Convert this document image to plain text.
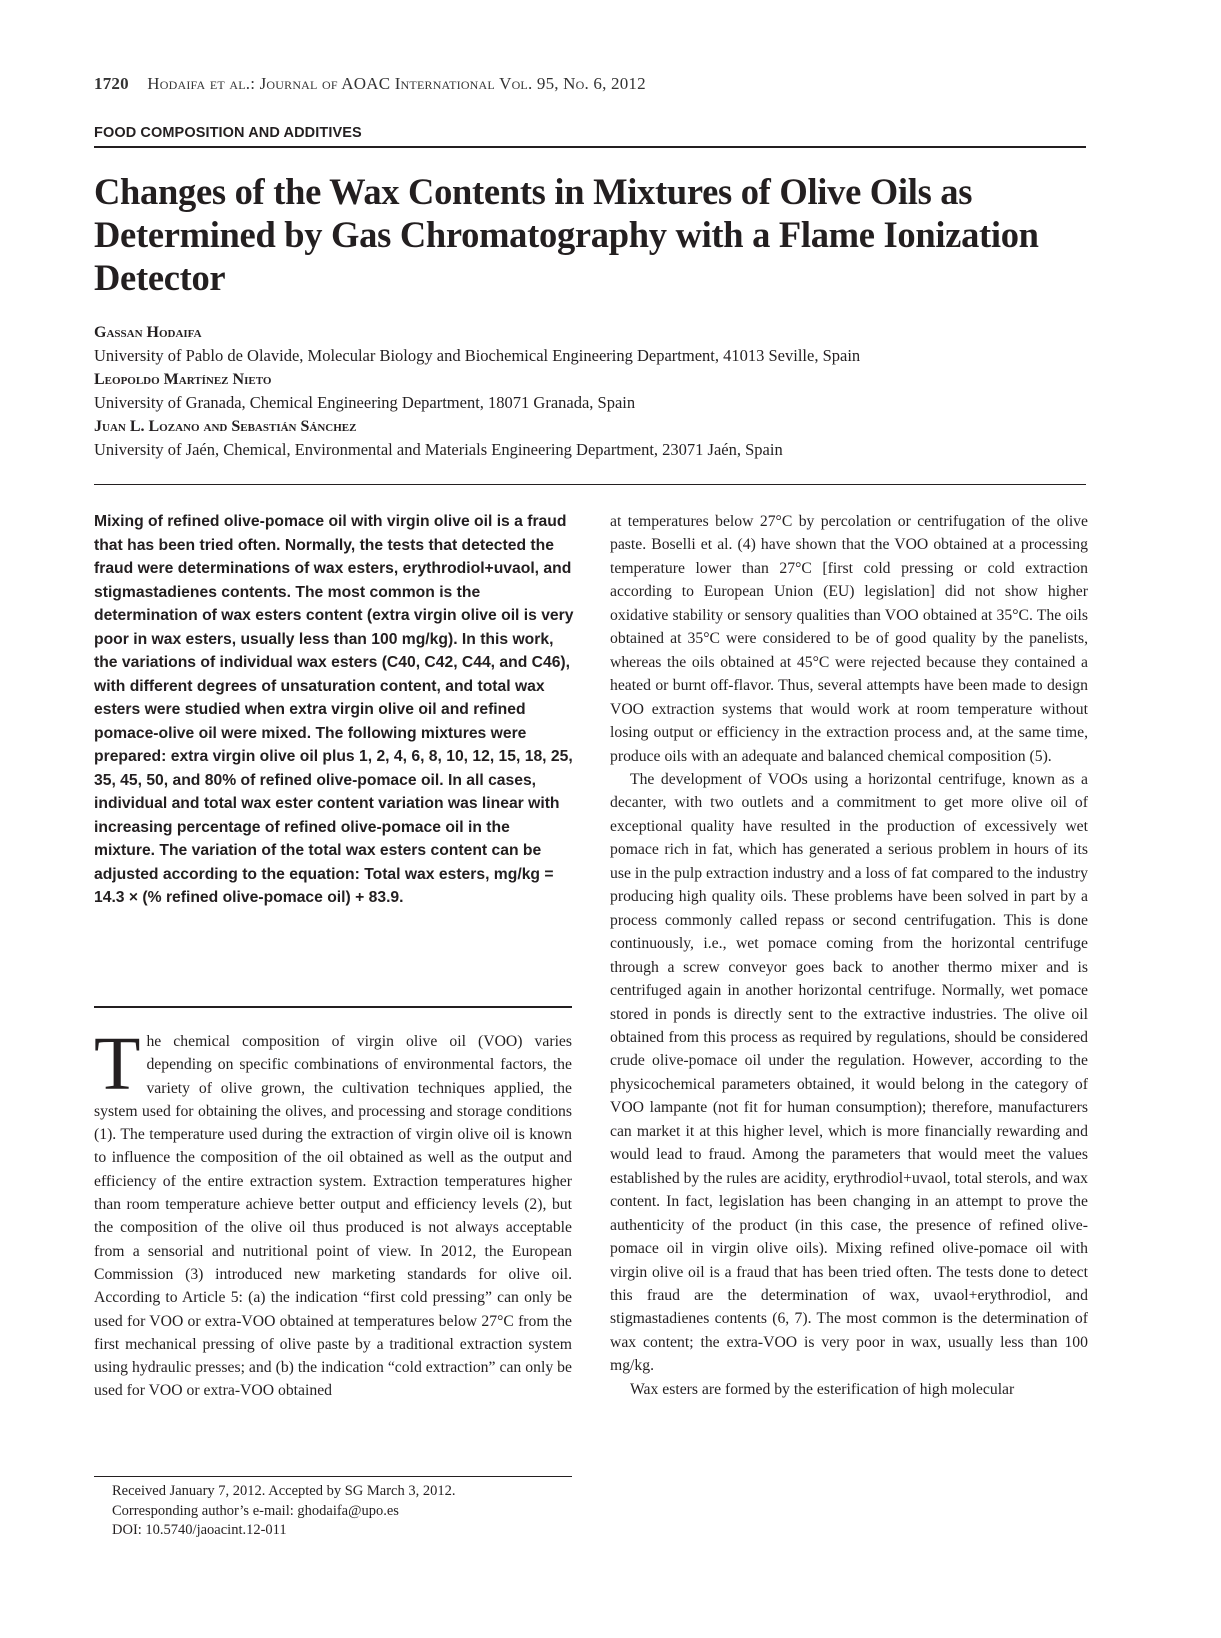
1720 Hodaifa et al.: Journal of AOAC International Vol. 95, No. 6, 2012
FOOD COMPOSITION AND ADDITIVES
Changes of the Wax Contents in Mixtures of Olive Oils as Determined by Gas Chromatography with a Flame Ionization Detector
Gassan Hodaifa
University of Pablo de Olavide, Molecular Biology and Biochemical Engineering Department, 41013 Seville, Spain
Leopoldo Martínez Nieto
University of Granada, Chemical Engineering Department, 18071 Granada, Spain
Juan L. Lozano and Sebastián Sánchez
University of Jaén, Chemical, Environmental and Materials Engineering Department, 23071 Jaén, Spain

Mixing of refined olive-pomace oil with virgin olive oil is a fraud that has been tried often. Normally, the tests that detected the fraud were determinations of wax esters, erythrodiol+uvaol, and stigmastadienes contents. The most common is the determination of wax esters content (extra virgin olive oil is very poor in wax esters, usually less than 100 mg/kg). In this work, the variations of individual wax esters (C40, C42, C44, and C46), with different degrees of unsaturation content, and total wax esters were studied when extra virgin olive oil and refined pomace-olive oil were mixed. The following mixtures were prepared: extra virgin olive oil plus 1, 2, 4, 6, 8, 10, 12, 15, 18, 25, 35, 45, 50, and 80% of refined olive-pomace oil. In all cases, individual and total wax ester content variation was linear with increasing percentage of refined olive-pomace oil in the mixture. The variation of the total wax esters content can be adjusted according to the equation: Total wax esters, mg/kg = 14.3 × (% refined olive-pomace oil) + 83.9.

The chemical composition of virgin olive oil (VOO) varies depending on specific combinations of environmental factors, the variety of olive grown, the cultivation techniques applied, the system used for obtaining the olives, and processing and storage conditions (1). The temperature used during the extraction of virgin olive oil is known to influence the composition of the oil obtained as well as the output and efficiency of the entire extraction system. Extraction temperatures higher than room temperature achieve better output and efficiency levels (2), but the composition of the olive oil thus produced is not always acceptable from a sensorial and nutritional point of view. In 2012, the European Commission (3) introduced new marketing standards for olive oil. According to Article 5: (a) the indication “first cold pressing” can only be used for VOO or extra-VOO obtained at temperatures below 27°C from the first mechanical pressing of olive paste by a traditional extraction system using hydraulic presses; and (b) the indication “cold extraction” can only be used for VOO or extra-VOO obtained

Received January 7, 2012. Accepted by SG March 3, 2012.
Corresponding author’s e-mail: ghodaifa@upo.es
DOI: 10.5740/jaoacint.12-011

at temperatures below 27°C by percolation or centrifugation of the olive paste. Boselli et al. (4) have shown that the VOO obtained at a processing temperature lower than 27°C [first cold pressing or cold extraction according to European Union (EU) legislation] did not show higher oxidative stability or sensory qualities than VOO obtained at 35°C. The oils obtained at 35°C were considered to be of good quality by the panelists, whereas the oils obtained at 45°C were rejected because they contained a heated or burnt off-flavor. Thus, several attempts have been made to design VOO extraction systems that would work at room temperature without losing output or efficiency in the extraction process and, at the same time, produce oils with an adequate and balanced chemical composition (5).

The development of VOOs using a horizontal centrifuge, known as a decanter, with two outlets and a commitment to get more olive oil of exceptional quality have resulted in the production of excessively wet pomace rich in fat, which has generated a serious problem in hours of its use in the pulp extraction industry and a loss of fat compared to the industry producing high quality oils. These problems have been solved in part by a process commonly called repass or second centrifugation. This is done continuously, i.e., wet pomace coming from the horizontal centrifuge through a screw conveyor goes back to another thermo mixer and is centrifuged again in another horizontal centrifuge. Normally, wet pomace stored in ponds is directly sent to the extractive industries. The olive oil obtained from this process as required by regulations, should be considered crude olive-pomace oil under the regulation. However, according to the physicochemical parameters obtained, it would belong in the category of VOO lampante (not fit for human consumption); therefore, manufacturers can market it at this higher level, which is more financially rewarding and would lead to fraud. Among the parameters that would meet the values established by the rules are acidity, erythrodiol+uvaol, total sterols, and wax content. In fact, legislation has been changing in an attempt to prove the authenticity of the product (in this case, the presence of refined olive-pomace oil in virgin olive oils). Mixing refined olive-pomace oil with virgin olive oil is a fraud that has been tried often. The tests done to detect this fraud are the determination of wax, uvaol+erythrodiol, and stigmastadienes contents (6, 7). The most common is the determination of wax content; the extra-VOO is very poor in wax, usually less than 100 mg/kg.

Wax esters are formed by the esterification of high molecular
